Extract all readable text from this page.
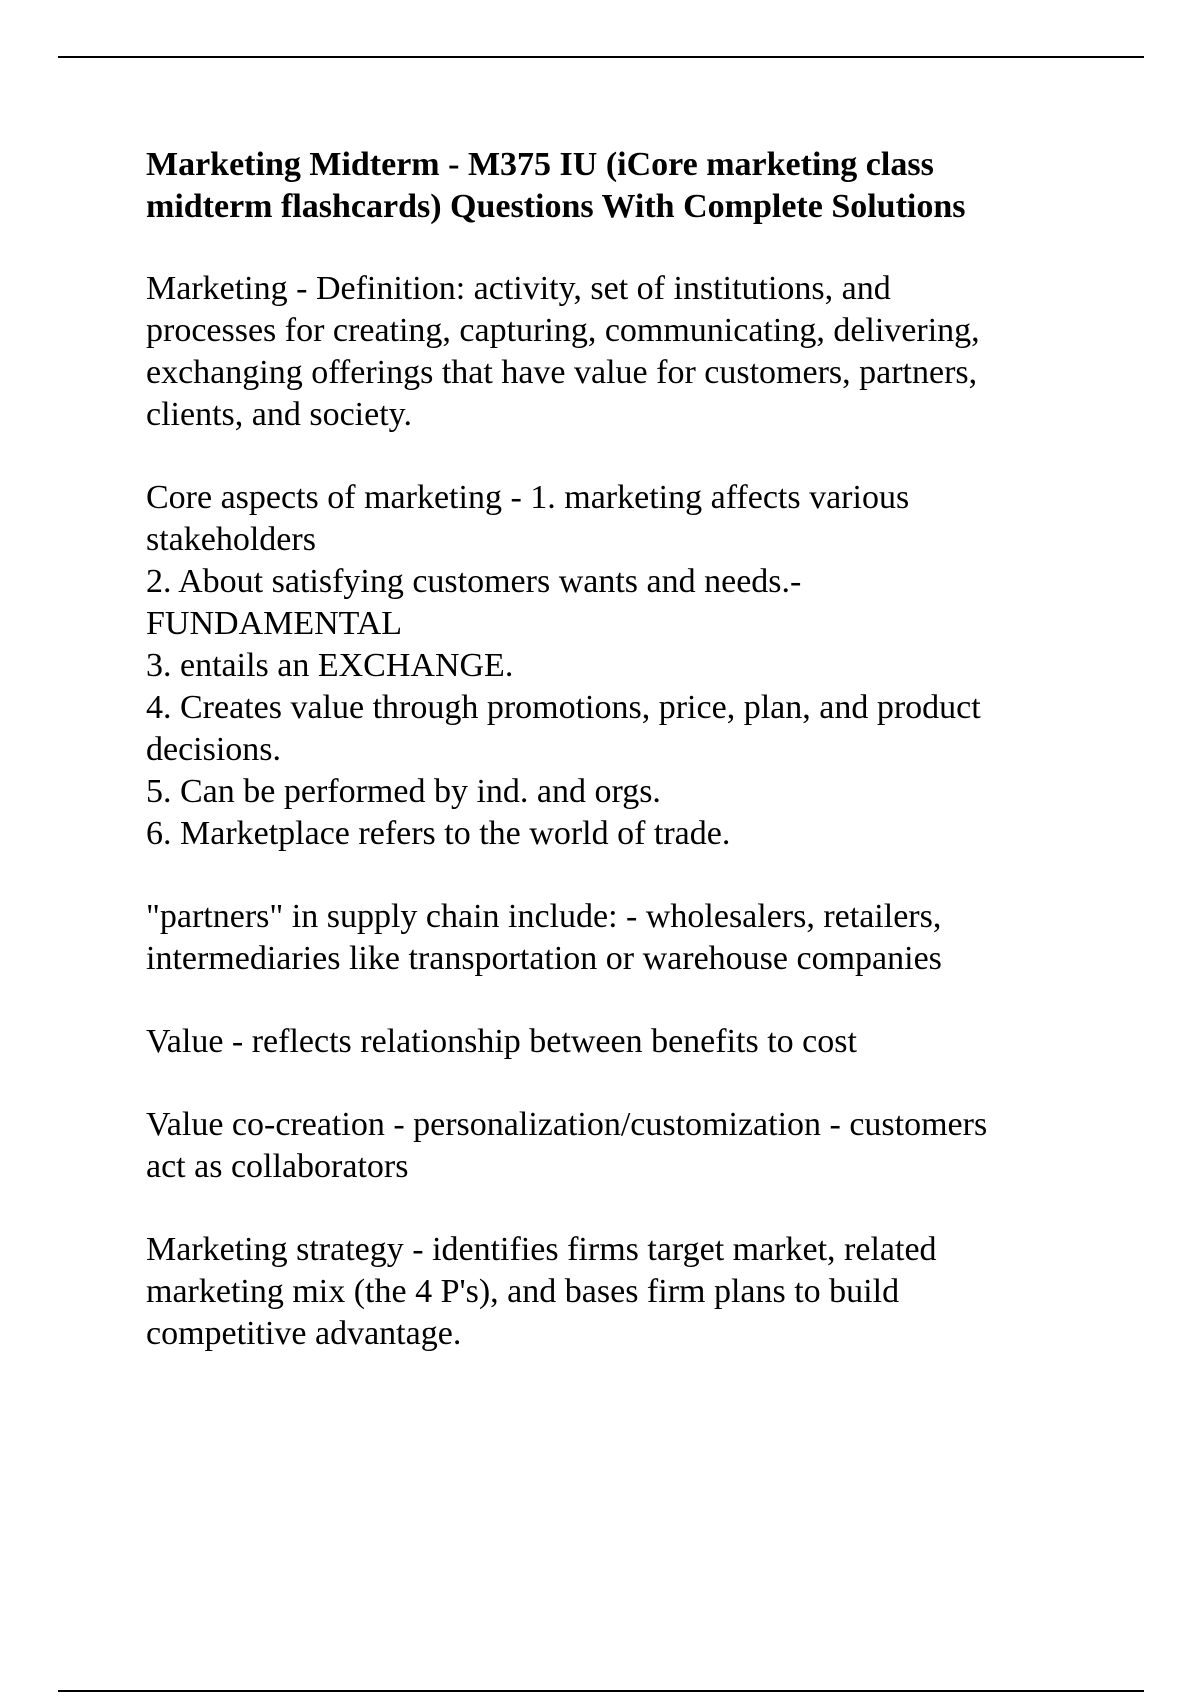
Marketing Midterm - M375 IU (iCore marketing class
midterm flashcards) Questions With Complete Solutions
Marketing - Definition: activity, set of institutions, and
processes for creating, capturing, communicating, delivering,
exchanging offerings that have value for customers, partners,
clients, and society.
Core aspects of marketing - 1. marketing affects various
stakeholders
2. About satisfying customers wants and needs.-
FUNDAMENTAL
3. entails an EXCHANGE.
4. Creates value through promotions, price, plan, and product
decisions.
5. Can be performed by ind. and orgs.
6. Marketplace refers to the world of trade.
"partners" in supply chain include: - wholesalers, retailers,
intermediaries like transportation or warehouse companies
Value - reflects relationship between benefits to cost
Value co-creation - personalization/customization - customers
act as collaborators
Marketing strategy - identifies firms target market, related
marketing mix (the 4 P's), and bases firm plans to build
competitive advantage.
